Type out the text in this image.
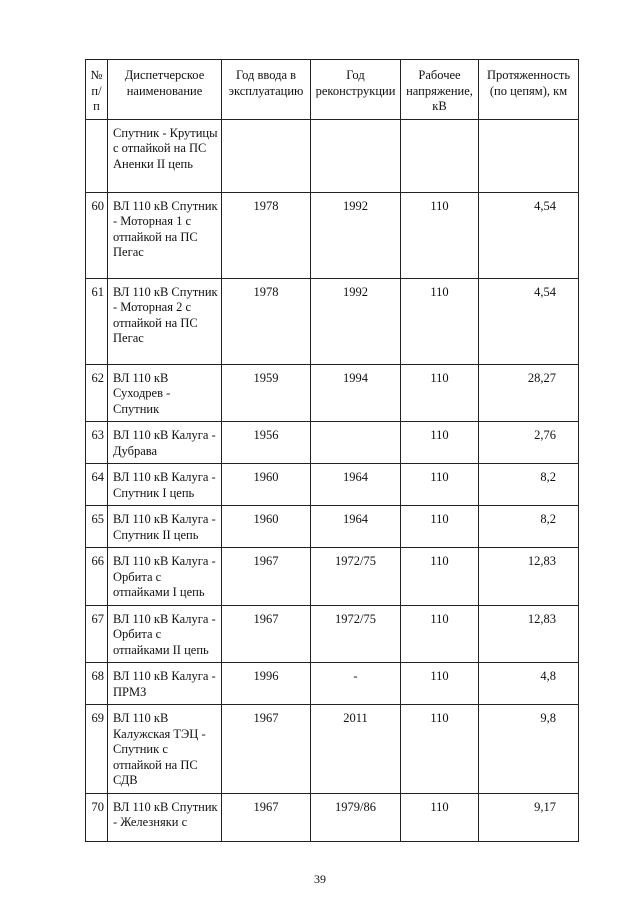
№ п/п	Диспетчерское наименование	Год ввода в эксплуатацию	Год реконструкции	Рабочее напряжение, кВ	Протяженность (по цепям), км
	Спутник - Крутицы с отпайкой на ПС Аненки II цепь				
60	ВЛ 110 кВ Спутник - Моторная 1 с отпайкой на ПС Пегас	1978	1992	110	4,54
61	ВЛ 110 кВ Спутник - Моторная 2 с отпайкой на ПС Пегас	1978	1992	110	4,54
62	ВЛ 110 кВ Суходрев - Спутник	1959	1994	110	28,27
63	ВЛ 110 кВ Калуга - Дубрава	1956		110	2,76
64	ВЛ 110 кВ Калуга - Спутник I цепь	1960	1964	110	8,2
65	ВЛ 110 кВ Калуга - Спутник II цепь	1960	1964	110	8,2
66	ВЛ 110 кВ Калуга - Орбита с отпайками I цепь	1967	1972/75	110	12,83
67	ВЛ 110 кВ Калуга - Орбита с отпайками II цепь	1967	1972/75	110	12,83
68	ВЛ 110 кВ Калуга - ПРМЗ	1996	-	110	4,8
69	ВЛ 110 кВ Калужская ТЭЦ - Спутник с отпайкой на ПС СДВ	1967	2011	110	9,8
70	ВЛ 110 кВ Спутник - Железняки с	1967	1979/86	110	9,17
39
